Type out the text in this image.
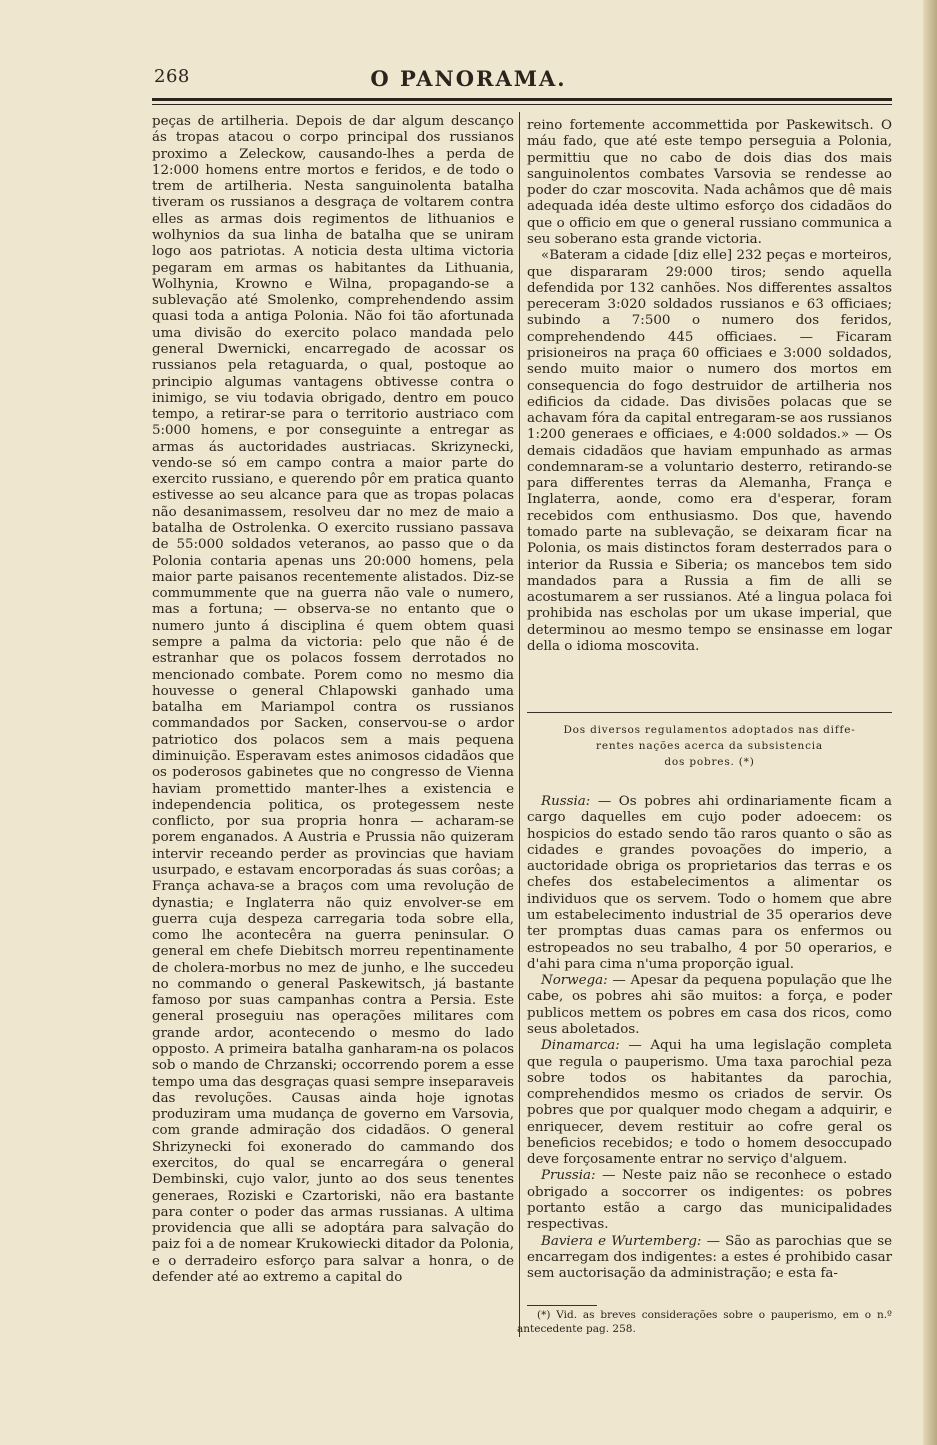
268	O PANORAMA.

peças de artilheria. Depois de dar algum descanço ás tropas atacou o corpo principal dos russianos proximo a Zeleckow, causando-lhes a perda de 12:000 homens entre mortos e feridos, e de todo o trem de artilheria. Nesta sanguinolenta batalha tiveram os russianos a desgraça de voltarem contra elles as armas dois regimentos de lithuanios e wolhynios da sua linha de batalha que se uniram logo aos patriotas. A noticia desta ultima victoria pegaram em armas os habitantes da Lithuania, Wolhynia, Krowno e Wilna, propagando-se a sublevação até Smolenko, comprehendendo assim quasi toda a antiga Polonia. Não foi tão afortunada uma divisão do exercito polaco mandada pelo general Dwernicki, encarregado de acossar os russianos pela retaguarda, o qual, postoque ao principio algumas vantagens obtivesse contra o inimigo, se viu todavia obrigado, dentro em pouco tempo, a retirar-se para o territorio austriaco com 5:000 homens, e por conseguinte a entregar as armas ás auctoridades austriacas. Skrizynecki, vendo-se só em campo contra a maior parte do exercito russiano, e querendo pôr em pratica quanto estivesse ao seu alcance para que as tropas polacas não desanimassem, resolveu dar no mez de maio a batalha de Ostrolenka. O exercito russiano passava de 55:000 soldados veteranos, ao passo que o da Polonia contaria apenas uns 20:000 homens, pela maior parte paisanos recentemente alistados. Diz-se commummente que na guerra não vale o numero, mas a fortuna; — observa-se no entanto que o numero junto á disciplina é quem obtem quasi sempre a palma da victoria: pelo que não é de estranhar que os polacos fossem derrotados no mencionado combate. Porem como no mesmo dia houvesse o general Chlapowski ganhado uma batalha em Mariampol contra os russianos commandados por Sacken, conservou-se o ardor patriotico dos polacos sem a mais pequena diminuição. Esperavam estes animosos cidadãos que os poderosos gabinetes que no congresso de Vienna haviam promettido manter-lhes a existencia e independencia politica, os protegessem neste conflicto, por sua propria honra — acharam-se porem enganados. A Austria e Prussia não quizeram intervir receando perder as provincias que haviam usurpado, e estavam encorporadas ás suas corôas; a França achava-se a braços com uma revolução de dynastia; e Inglaterra não quiz envolver-se em guerra cuja despeza carregaria toda sobre ella, como lhe acontecêra na guerra peninsular. O general em chefe Diebitsch morreu repentinamente de cholera-morbus no mez de junho, e lhe succedeu no commando o general Paskewitsch, já bastante famoso por suas campanhas contra a Persia. Este general proseguiu nas operações militares com grande ardor, acontecendo o mesmo do lado opposto. A primeira batalha ganharam-na os polacos sob o mando de Chrzanski; occorrendo porem a esse tempo uma das desgraças quasi sempre inseparaveis das revoluções. Causas ainda hoje ignotas produziram uma mudança de governo em Varsovia, com grande admiração dos cidadãos. O general Shrizynecki foi exonerado do cammando dos exercitos, do qual se encarregára o general Dembinski, cujo valor, junto ao dos seus tenentes generaes, Roziski e Czartoriski, não era bastante para conter o poder das armas russianas. A ultima providencia que alli se adoptára para salvação do paiz foi a de nomear Krukowiecki ditador da Polonia, e o derradeiro esforço para salvar a honra, o de defender até ao extremo a capital do

reino fortemente accommettida por Paskewitsch. O máu fado, que até este tempo perseguia a Polonia, permittiu que no cabo de dois dias dos mais sanguinolentos combates Varsovia se rendesse ao poder do czar moscovita. Nada achâmos que dê mais adequada idéa deste ultimo esforço dos cidadãos do que o officio em que o general russiano communica a seu soberano esta grande victoria.

«Bateram a cidade [diz elle] 232 peças e morteiros, que dispararam 29:000 tiros; sendo aquella defendida por 132 canhões. Nos differentes assaltos pereceram 3:020 soldados russianos e 63 officiaes; subindo a 7:500 o numero dos feridos, comprehendendo 445 officiaes. — Ficaram prisioneiros na praça 60 officiaes e 3:000 soldados, sendo muito maior o numero dos mortos em consequencia do fogo destruidor de artilheria nos edificios da cidade. Das divisões polacas que se achavam fóra da capital entregaram-se aos russianos 1:200 generaes e officiaes, e 4:000 soldados.» — Os demais cidadãos que haviam empunhado as armas condemnaram-se a voluntario desterro, retirando-se para differentes terras da Alemanha, França e Inglaterra, aonde, como era d'esperar, foram recebidos com enthusiasmo. Dos que, havendo tomado parte na sublevação, se deixaram ficar na Polonia, os mais distinctos foram desterrados para o interior da Russia e Siberia; os mancebos tem sido mandados para a Russia a fim de alli se acostumarem a ser russianos. Até a lingua polaca foi prohibida nas escholas por um ukase imperial, que determinou ao mesmo tempo se ensinasse em logar della o idioma moscovita.

Dos diversos regulamentos adoptados nas diffe-
rentes nações acerca da subsistencia
dos pobres. (*)

Russia: — Os pobres ahi ordinariamente ficam a cargo daquelles em cujo poder adoecem: os hospicios do estado sendo tão raros quanto o são as cidades e grandes povoações do imperio, a auctoridade obriga os proprietarios das terras e os chefes dos estabelecimentos a alimentar os individuos que os servem. Todo o homem que abre um estabelecimento industrial de 35 operarios deve ter promptas duas camas para os enfermos ou estropeados no seu trabalho, 4 por 50 operarios, e d'ahi para cima n'uma proporção igual.

Norwega: — Apesar da pequena população que lhe cabe, os pobres ahi são muitos: a força, e poder publicos mettem os pobres em casa dos ricos, como seus aboletados.

Dinamarca: — Aqui ha uma legislação completa que regula o pauperismo. Uma taxa parochial peza sobre todos os habitantes da parochia, comprehendidos mesmo os criados de servir. Os pobres que por qualquer modo chegam a adquirir, e enriquecer, devem restituir ao cofre geral os beneficios recebidos; e todo o homem desoccupado deve forçosamente entrar no serviço d'alguem.

Prussia: — Neste paiz não se reconhece o estado obrigado a soccorrer os indigentes: os pobres portanto estão a cargo das municipalidades respectivas.

Baviera e Wurtemberg: — São as parochias que se encarregam dos indigentes: a estes é prohibido casar sem auctorisação da administração; e esta fa-

(*) Vid. as breves considerações sobre o pauperismo, em o n.º antecedente pag. 258.
